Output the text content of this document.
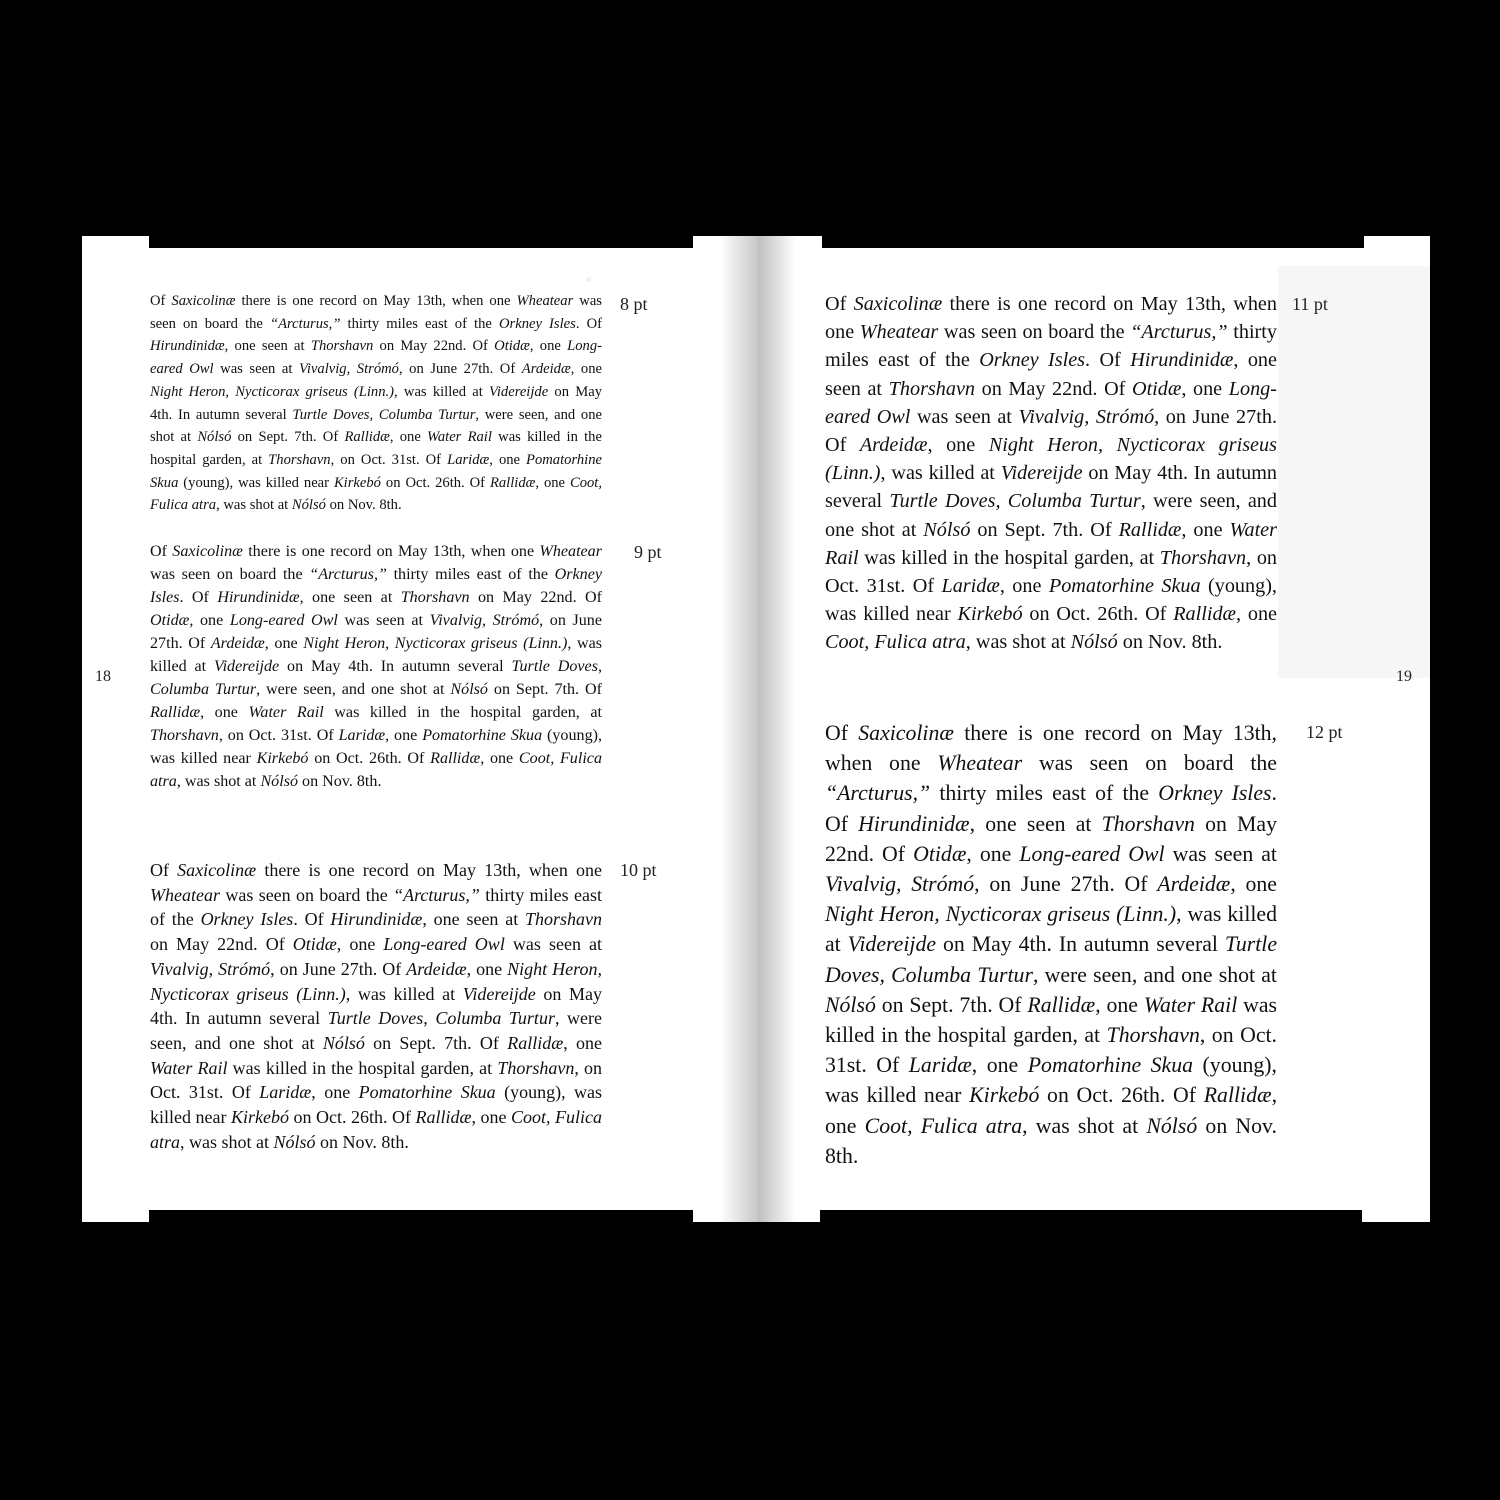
·

Of Saxicolinæ there is one record on May 13th, when one Wheatear was seen on board the “Arcturus,” thirty miles east of the Orkney Isles. Of Hirundinidæ, one seen at Thorshavn on May 22nd. Of Otidæ, one Long-eared Owl was seen at Vivalvig, Strómó, on June 27th. Of Ardeidæ, one Night Heron, Nycticorax griseus (Linn.), was killed at Videreijde on May 4th. In autumn several Turtle Doves, Columba Turtur, were seen, and one shot at Nólsó on Sept. 7th. Of Rallidæ, one Water Rail was killed in the hospital garden, at Thorshavn, on Oct. 31st. Of Laridæ, one Pomatorhine Skua (young), was killed near Kirkebó on Oct. 26th. Of Rallidæ, one Coot, Fulica atra, was shot at Nólsó on Nov. 8th.

8 pt

Of Saxicolinæ there is one record on May 13th, when one Wheatear was seen on board the “Arcturus,” thirty miles east of the Orkney Isles. Of Hirundinidæ, one seen at Thorshavn on May 22nd. Of Otidæ, one Long-eared Owl was seen at Vivalvig, Strómó, on June 27th. Of Ardeidæ, one Night Heron, Nycticorax griseus (Linn.), was killed at Videreijde on May 4th. In autumn several Turtle Doves, Columba Turtur, were seen, and one shot at Nólsó on Sept. 7th. Of Rallidæ, one Water Rail was killed in the hospital garden, at Thorshavn, on Oct. 31st. Of Laridæ, one Pomatorhine Skua (young), was killed near Kirkebó on Oct. 26th. Of Rallidæ, one Coot, Fulica atra, was shot at Nólsó on Nov. 8th.

9 pt

Of Saxicolinæ there is one record on May 13th, when one Wheatear was seen on board the “Arcturus,” thirty miles east of the Orkney Isles. Of Hirundinidæ, one seen at Thorshavn on May 22nd. Of Otidæ, one Long-eared Owl was seen at Vivalvig, Strómó, on June 27th. Of Ardeidæ, one Night Heron, Nycticorax griseus (Linn.), was killed at Videreijde on May 4th. In autumn several Turtle Doves, Columba Turtur, were seen, and one shot at Nólsó on Sept. 7th. Of Rallidæ, one Water Rail was killed in the hospital garden, at Thorshavn, on Oct. 31st. Of Laridæ, one Pomatorhine Skua (young), was killed near Kirkebó on Oct. 26th. Of Rallidæ, one Coot, Fulica atra, was shot at Nólsó on Nov. 8th.

10 pt

Of Saxicolinæ there is one record on May 13th, when one Wheatear was seen on board the “Arcturus,” thirty miles east of the Orkney Isles. Of Hirundinidæ, one seen at Thorshavn on May 22nd. Of Otidæ, one Long-eared Owl was seen at Vivalvig, Strómó, on June 27th. Of Ardeidæ, one Night Heron, Nycticorax griseus (Linn.), was killed at Videreijde on May 4th. In autumn several Turtle Doves, Columba Turtur, were seen, and one shot at Nólsó on Sept. 7th. Of Rallidæ, one Water Rail was killed in the hospital garden, at Thorshavn, on Oct. 31st. Of Laridæ, one Pomatorhine Skua (young), was killed near Kirkebó on Oct. 26th. Of Rallidæ, one Coot, Fulica atra, was shot at Nólsó on Nov. 8th.

11 pt

Of Saxicolinæ there is one record on May 13th, when one Wheatear was seen on board the “Arcturus,” thirty miles east of the Orkney Isles. Of Hirundinidæ, one seen at Thorshavn on May 22nd. Of Otidæ, one Long-eared Owl was seen at Vivalvig, Strómó, on June 27th. Of Ardeidæ, one Night Heron, Nycticorax griseus (Linn.), was killed at Videreijde on May 4th. In autumn several Turtle Doves, Columba Turtur, were seen, and one shot at Nólsó on Sept. 7th. Of Rallidæ, one Water Rail was killed in the hospital garden, at Thorshavn, on Oct. 31st. Of Laridæ, one Pomatorhine Skua (young), was killed near Kirkebó on Oct. 26th. Of Rallidæ, one Coot, Fulica atra, was shot at Nólsó on Nov. 8th.

12 pt
18	19
